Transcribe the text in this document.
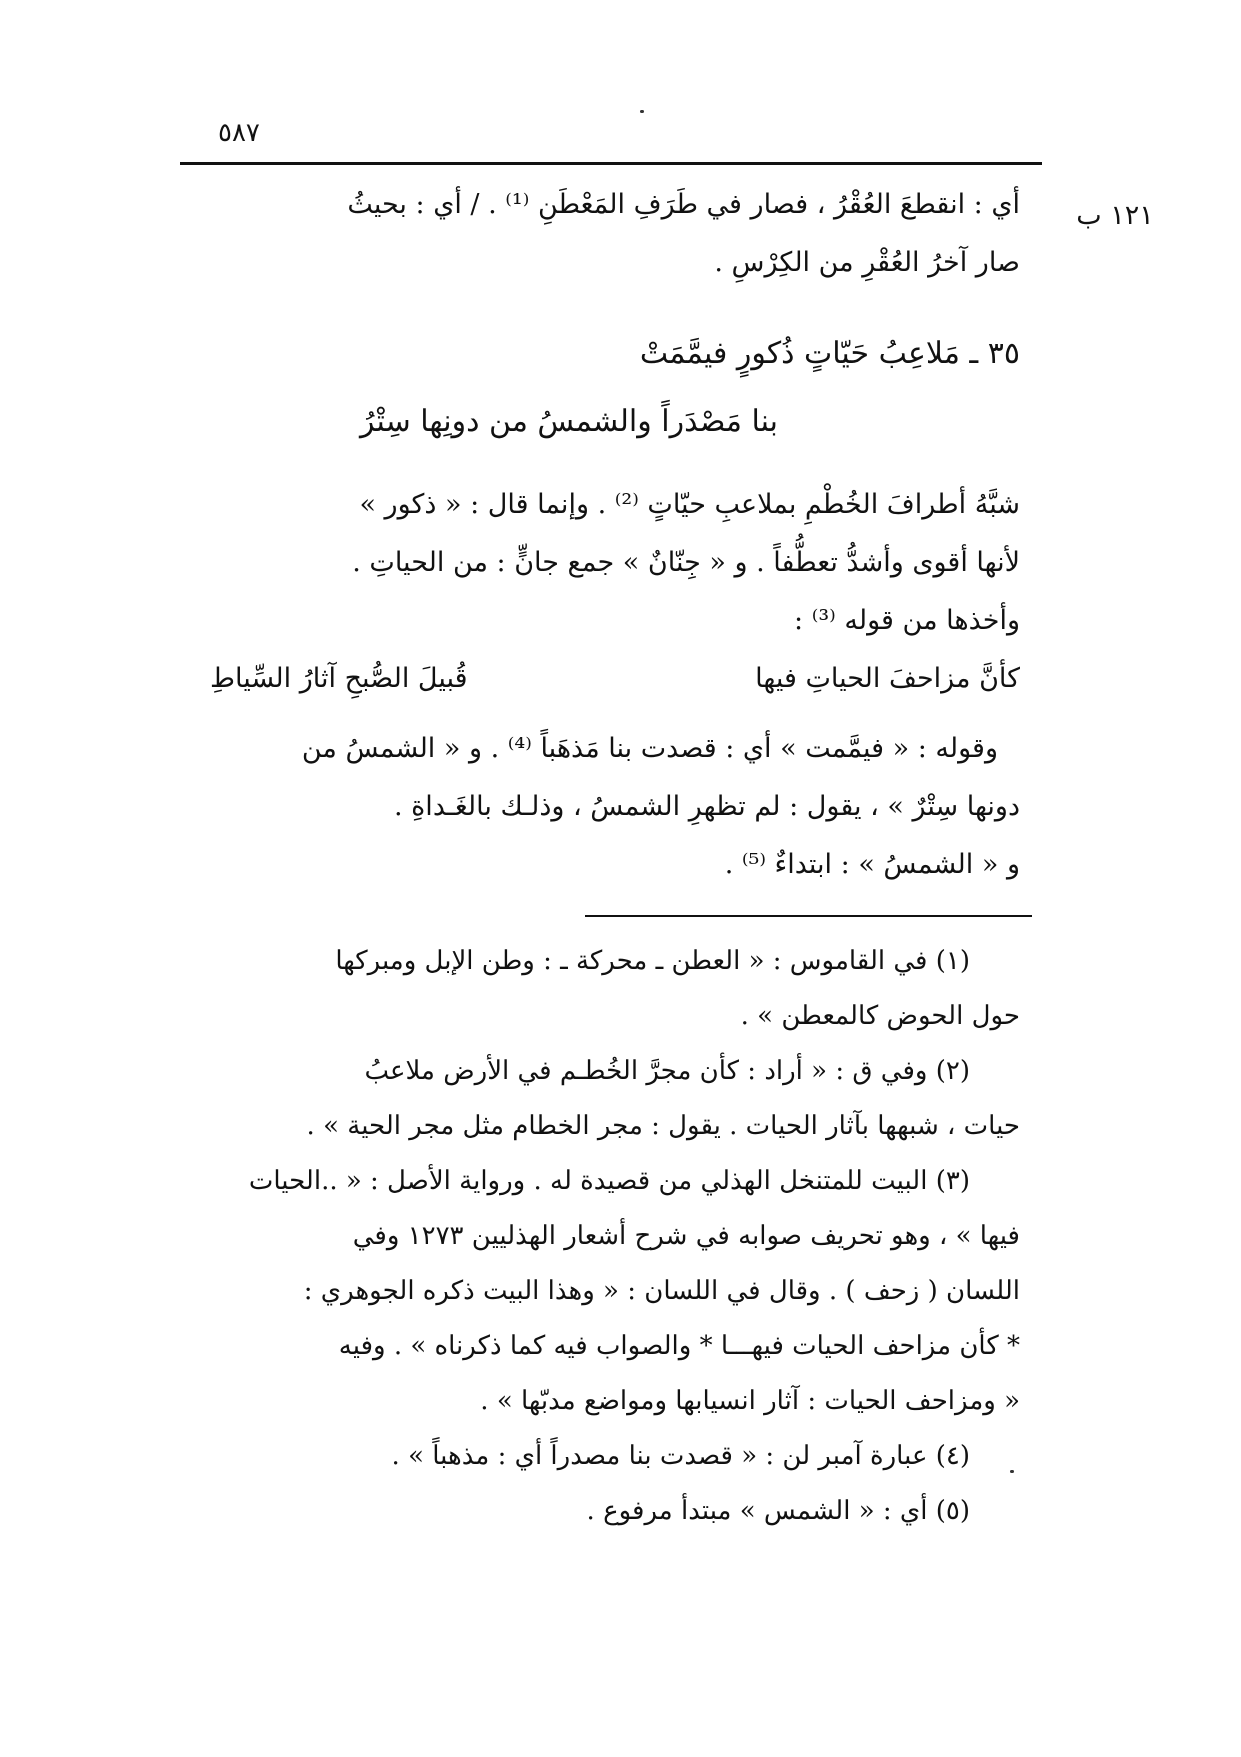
٥٨٧
١٢١ ب
أي : انقطعَ العُقْرُ ، فصار في طَرَفِ المَعْطَنِ ⁽¹⁾ . / أي : بحيثُ
صار آخرُ العُقْرِ من الكِرْسِ .
٣٥ ـ مَلاعِبُ حَيّاتٍ ذُكورٍ فيمَّمَتْ
بنا مَصْدَراً والشمسُ من دونِها سِتْرُ
شبَّهُ أطرافَ الخُطْمِ بملاعبِ حيّاتٍ ⁽²⁾ . وإنما قال : « ذكور »
لأنها أقوى وأشدُّ تعطُّفاً . و « جِنّانٌ » جمع جانٍّ : من الحياتِ .
وأخذها من قوله ⁽³⁾ :
كأنَّ مزاحفَ الحياتِ فيها
قُبيلَ الصُّبحِ آثارُ السِّياطِ
وقوله : « فيمَّمت » أي : قصدت بنا مَذهَباً ⁽⁴⁾ . و « الشمسُ من
دونها سِتْرٌ » ، يقول : لم تظهرِ الشمسُ ، وذلـك بالغَـداةِ .
و « الشمسُ » : ابتداءٌ ⁽⁵⁾ .
(١) في القاموس : « العطن ـ محركة ـ : وطن الإبل ومبركها
حول الحوض كالمعطن » .
(٢) وفي ق : « أراد : كأن مجرَّ الخُطـم في الأرض ملاعبُ
حيات ، شبهها بآثار الحيات . يقول : مجر الخطام مثل مجر الحية » .
(٣) البيت للمتنخل الهذلي من قصيدة له . ورواية الأصل : « ..الحيات
فيها » ، وهو تحريف صوابه في شرح أشعار الهذليين ١٢٧٣ وفي
اللسان ( زحف ) . وقال في اللسان : « وهذا البيت ذكره الجوهري :
* كأن مزاحف الحيات فيهـــا * والصواب فيه كما ذكرناه » . وفيه
« ومزاحف الحيات : آثار انسيابها ومواضع مدبّها » .
(٤) عبارة آمبر لن : « قصدت بنا مصدراً أي : مذهباً » .
(٥) أي : « الشمس » مبتدأ مرفوع .
